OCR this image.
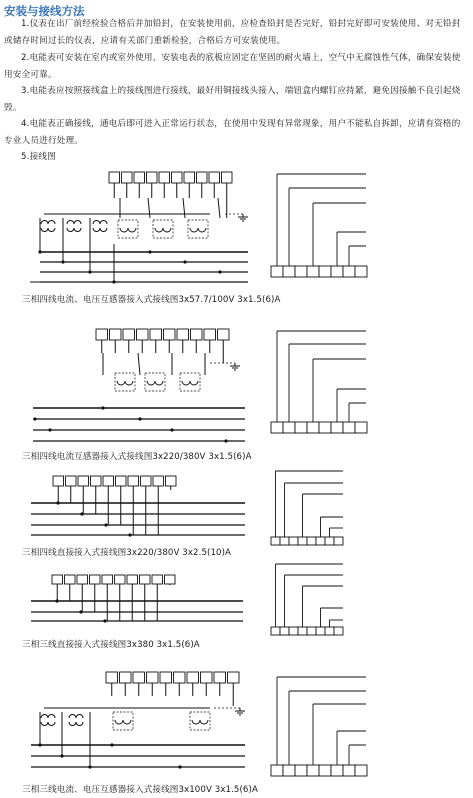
安装与接线方法
1.仪表在出厂前经检验合格后并加铅封，在安装使用前，应检查铅封是否完好，铅封完好即可安装使用、对无铅封或储存时间过长的仪表，应请有关部门重新检验，合格后方可安装使用。
2.电能表可安装在室内或室外使用，安装电表的底板应固定在坚固的耐火墙上，空气中无腐蚀性气体，确保安装使用安全可靠。
3.电能表应按照接线盒上的接线图进行接线，最好用铜接线头接入，端钮盒内螺钉应持紧，避免因接触不良引起烧毁。
4.电能表正确接线，通电后即可进入正常运行状态，在使用中发现有异常现象，用户不能私自拆卸，应请有资格的专业人员进行处理。
5.接线图
三相四线电流、电压互感器接入式接线图3x57.7/100V 3x1.5(6)A
三相四线电流互感器接入式接线图3x220/380V 3x1.5(6)A
三相四线直接接入式接线图3x220/380V 3x2.5(10)A
三相三线直接接入式接线图3x380 3x1.5(6)A
三相三线电流、电压互感器接入式接线图3x100V 3x1.5(6)A
